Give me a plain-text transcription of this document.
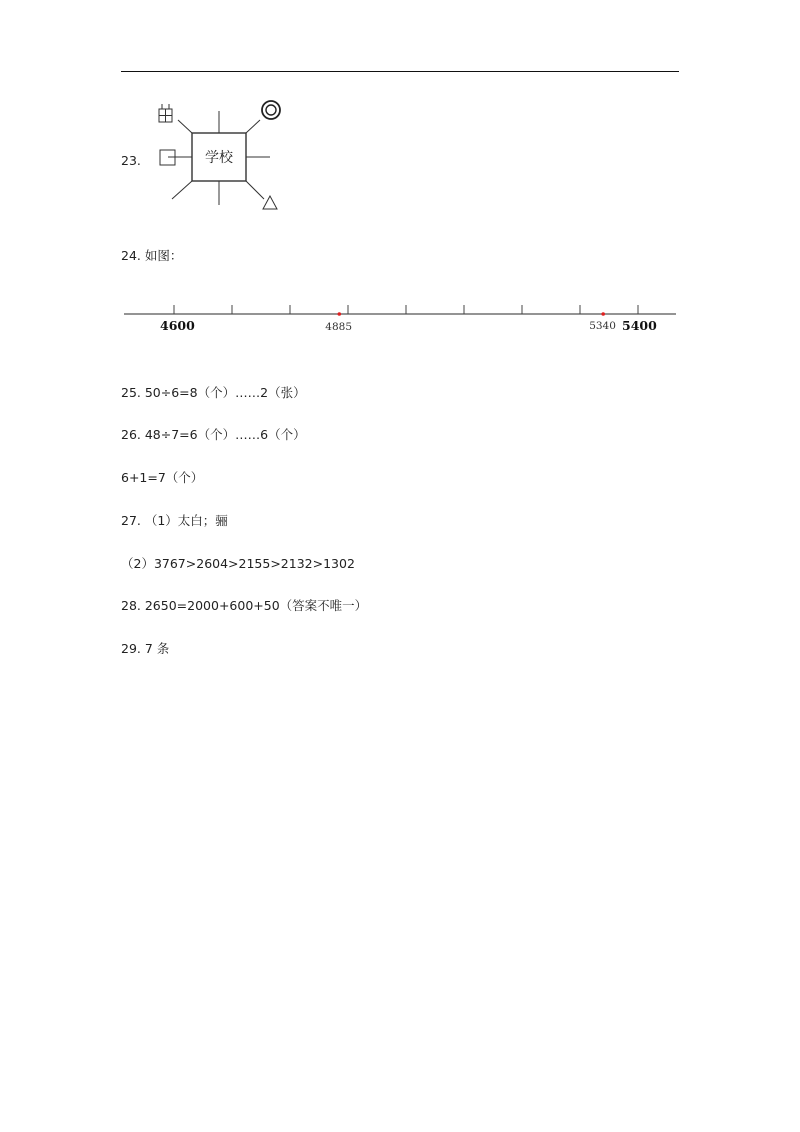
23.	学校
24. 如图：
4600	4885	5340 5400
25. 50÷6=8（个）……2（张）
26. 48÷7=6（个）……6（个）
6+1=7（个）
27. （1）太白；骊
（2）3767>2604>2155>2132>1302
28. 2650=2000+600+50（答案不唯一）
29. 7 条
